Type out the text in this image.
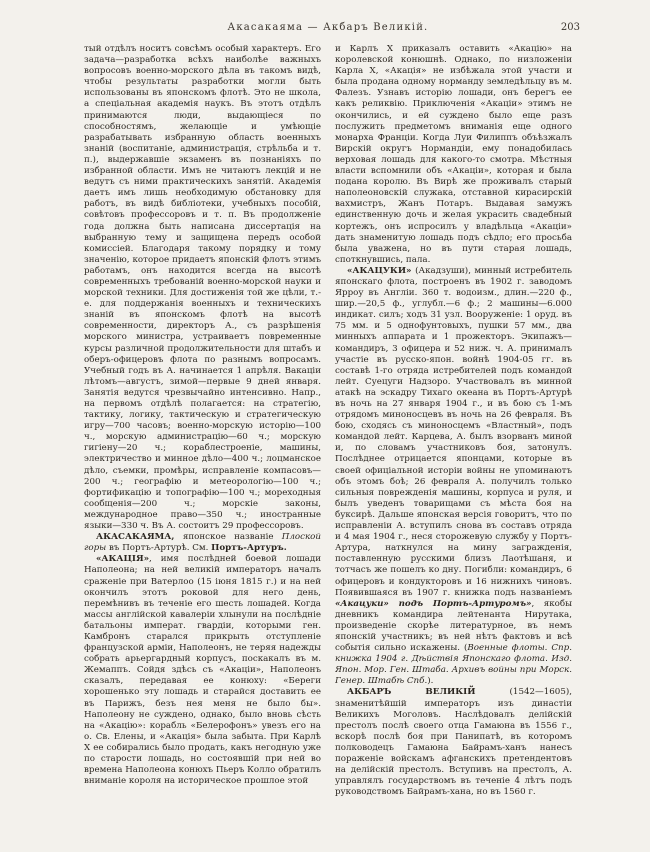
Акасакаяма — Акбаръ Великій.	203

тый отдѣлъ носитъ совсѣмъ особый характеръ. Его задача—разработка всѣхъ наиболѣе важныхъ вопросовъ военно-морского дѣла въ такомъ видѣ, чтобы результаты разработки могли быть использованы въ японскомъ флотѣ. Это не школа, а спеціальная академія наукъ. Въ этотъ отдѣлъ принимаются люди, выдающіеся по способностямъ, желающіе и умѣющіе разрабатывать избранную область военныхъ знаній (воспитаніе, администрація, стрѣльба и т. п.), выдержавшіе экзаменъ въ познаніяхъ по избранной области. Имъ не читаютъ лекцій и не ведутъ съ ними практическихъ занятій. Академія даетъ имъ лишь необходимую обстановку для работъ, въ видѣ библіотеки, учебныхъ пособій, совѣтовъ профессоровъ и т. п. Въ продолженіе года должна быть написана диссертація на выбранную тему и защищена передъ особой комиссіей. Благодаря такому порядку и тому значенію, которое придаетъ японскій флотъ этимъ работамъ, онъ находится всегда на высотѣ современныхъ требованій военно-морской науки и морской техники. Для достиженія той же цѣли, т.-е. для поддержанія военныхъ и техническихъ знаній въ японскомъ флотѣ на высотѣ современности, директоръ А., съ разрѣшенія морского министра, устраиваетъ повременные курсы различной продолжительности для штабъ и оберъ-офицеровъ флота по разнымъ вопросамъ. Учебный годъ въ А. начинается 1 апрѣля. Вакаціи лѣтомъ—августъ, зимой—первые 9 дней января. Занятія ведутся чрезвычайно интенсивно. Напр., на первомъ отдѣлѣ полагается: на стратегію, тактику, логику, тактическую и стратегическую игру—700 часовъ; военно-морскую исторію—100 ч., морскую администрацію—60 ч.; морскую гигіену—20 ч.; кораблестроеніе, машины, электричество и минное дѣло—400 ч.; лоцманское дѣло, съемки, промѣры, исправленіе компасовъ—200 ч.; географію и метеорологію—100 ч.; фортификацію и топографію—100 ч.; мореходныя сообщенія—200 ч.; морскіе законы, международное право—350 ч.; иностранные языки—330 ч. Въ А. состоитъ 29 профессоровъ.

АКАСАКАЯМА, японское названіе Плоской горы въ Портъ-Артурѣ. См. Портъ-Артуръ.

«АКАЦІЯ», имя послѣдней боевой лошади Наполеона; на ней великій императоръ началъ сраженіе при Ватерлоо (15 іюня 1815 г.) и на ней окончилъ этотъ роковой для него день, перемѣнивъ въ теченіе его шесть лошадей. Когда массы англійской кавалеріи хлынули на послѣдніе батальоны императ. гвардіи, которыми ген. Камбронъ старался прикрыть отступленіе французской арміи, Наполеонъ, не теряя надежды собрать арьергардный корпусъ, поскакалъ въ м. Жемаппъ. Сойдя здѣсь съ «Акаціи», Наполеонъ сказалъ, передавая ее конюху: «Береги хорошенько эту лошадь и старайся доставить ее въ Парижъ, безъ нея меня не было бы». Наполеону не суждено, однако, было вновь сѣсть на «Акацію»: корабль «Белерофонъ» увезъ его на о. Св. Елены, и «Акація» была забыта. При Карлѣ X ее собирались было продать, какъ негодную уже по старости лошадь, но состоявшій при ней во времена Наполеона конюхъ Пьеръ Колло обратилъ вниманіе короля на историческое прошлое этой

и Карлъ X приказалъ оставить «Акацію» на королевской конюшнѣ. Однако, по низложеніи Карла X, «Акація» не избѣжала этой участи и была продана одному норманду земледѣльцу въ м. Фалезъ. Узнавъ исторію лошади, онъ берегъ ее какъ реликвію. Приключенія «Акаціи» этимъ не окончились, и ей суждено было еще разъ послужить предметомъ вниманія еще одного монарха Франціи. Когда Луи Филиппъ объѣзжалъ Вирскій округъ Нормандіи, ему понадобилась верховая лошадь для какого-то смотра. Мѣстныя власти вспомнили объ «Акаціи», которая и была подана королю. Въ Вирѣ же проживалъ старый наполеоновскій служака, отставной кирасирскій вахмистръ, Жанъ Потаръ. Выдавая замужъ единственную дочь и желая украсить свадебный кортежъ, онъ испросилъ у владѣльца «Акаціи» дать знаменитую лошадь подъ сѣдло; его просьба была уважена, но въ пути старая лошадь, споткнувшись, пала.

«АКАЦУКИ» (Акадзуши), минный истребитель японскаго флота, построенъ въ 1902 г. заводомъ Ярроу въ Англіи. 360 т. водоизм., длин.—220 ф., шир.—20,5 ф., углубл.—6 ф.; 2 машины—6.000 индикат. силъ; ходъ 31 узл. Вооруженіе: 1 оруд. въ 75 мм. и 5 однофунтовыхъ, пушки 57 мм., два минныхъ аппарата и 1 прожекторъ. Экипажъ—командиръ, 3 офицера и 52 ниж. ч. А. принималъ участіе въ русско-япон. войнѣ 1904-05 гг. въ составѣ 1-го отряда истребителей подъ командой лейт. Суецуги Надзоро. Участвовалъ въ минной атакѣ на эскадру Тихаго океана въ Портъ-Артурѣ въ ночь на 27 января 1904 г., и въ бою съ 1-мъ отрядомъ миноносцевъ въ ночь на 26 февраля. Въ бою, сходясь съ миноносцемъ «Властный», подъ командой лейт. Карцева, А. былъ взорванъ миной и, по словамъ участниковъ боя, затонулъ. Послѣднее отрицается японцами, которые въ своей офиціальной исторіи войны не упоминаютъ объ этомъ боѣ; 26 февраля А. получилъ только сильныя поврежденія машины, корпуса и руля, и былъ уведенъ товарищами съ мѣста боя на буксирѣ. Дальше японская версія говоритъ, что по исправленіи А. вступилъ снова въ составъ отряда и 4 мая 1904 г., неся сторожевую службу у Портъ-Артура, наткнулся на мину загражденія, поставленную русскими близъ Лаотѣшаня, и тотчасъ же пошелъ ко дну. Погибли: командиръ, 6 офицеровъ и кондукторовъ и 16 нижнихъ чиновъ. Появившаяся въ 1907 г. книжка подъ названіемъ «Акацуки» подъ Портъ-Артуромъ», якобы дневникъ командира лейтенанта Нирутака, произведеніе скорѣе литературное, въ немъ японскій участникъ; въ ней нѣтъ фактовъ и всѣ событія сильно искажены. (Военные флоты. Спр. книжка 1904 г. Дѣйствія Японскаго флота. Изд. Япон. Мор. Ген. Штаба. Архивъ войны при Морск. Генер. Штабѣ Спб.).

АКБАРЪ ВЕЛИКІЙ (1542—1605), знаменитѣйшій императоръ изъ династіи Великихъ Моголовъ. Наслѣдовалъ делійскій престолъ послѣ своего отца Гамаюна въ 1556 г., вскорѣ послѣ боя при Панипатѣ, въ которомъ полководецъ Гамаюна Байрамъ-ханъ нанесъ пораженіе войскамъ афганскихъ претендентовъ на делійскій престолъ. Вступивъ на престолъ, А. управлялъ государствомъ въ теченіе 4 лѣтъ подъ руководствомъ Байрамъ-хана, но въ 1560 г.
